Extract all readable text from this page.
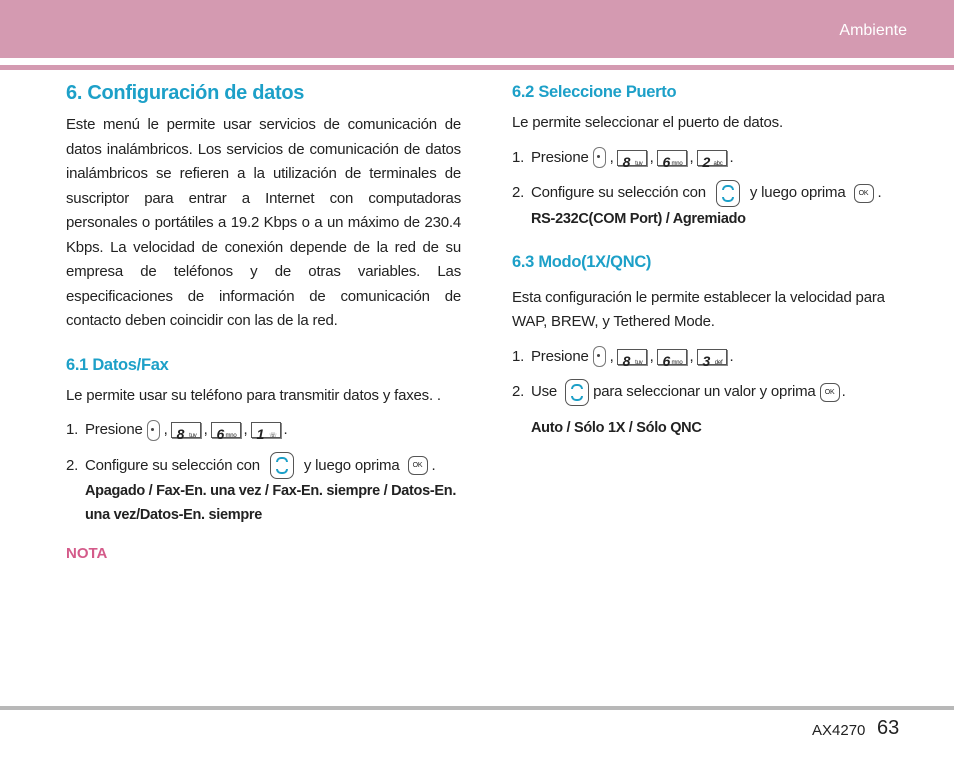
Ambiente
6. Configuración de datos

Este menú le permite usar servicios de comunicación de datos inalámbricos. Los servicios de comunicación de datos inalámbricos se refieren a la utilización de terminales de suscriptor para entrar a Internet con computadoras personales o portátiles a 19.2 Kbps o a un máximo de 230.4 Kbps. La velocidad de conexión depende de la red de su empresa de teléfonos y de otras variables. Las especificaciones de información de comunicación de contacto deben coincidir con las de la red.

6.1 Datos/Fax

Le permite usar su teléfono para transmitir datos y faxes. .

1. Presione , 8 tuv , 6 mno , 1 ☏ .
2. Configure su selección con	y luego oprima	OK .
Apagado / Fax-En. una vez / Fax-En. siempre / Datos-En. una vez/Datos-En. siempre
NOTA
6.2 Seleccione Puerto

Le permite seleccionar el puerto de datos.

1. Presione , 8 tuv , 6 mno , 2 abc .
2. Configure su selección con	y luego oprima	OK .
RS-232C(COM Port) / Agremiado
6.3 Modo(1X/QNC)

Esta configuración le permite establecer la velocidad para WAP, BREW, y Tethered Mode.

1. Presione , 8 tuv , 6 mno , 3 def .
2. Use para seleccionar un valor y oprima	OK .
Auto / Sólo 1X / Sólo QNC
AX4270 63
